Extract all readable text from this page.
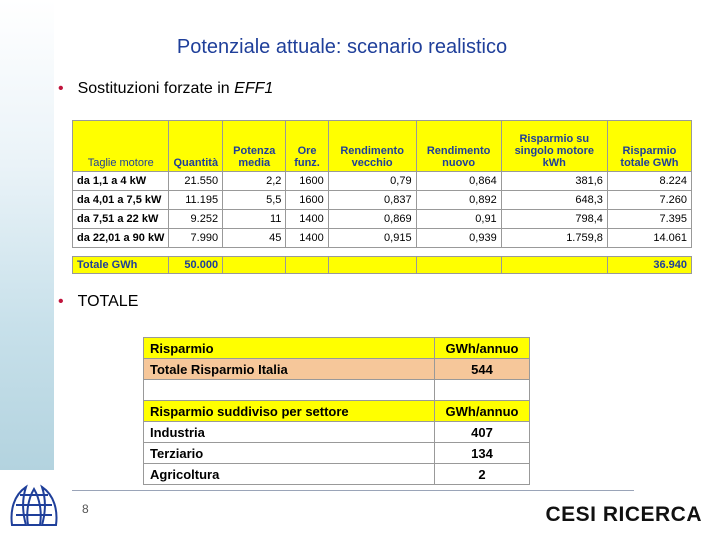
Potenziale attuale: scenario realistico
• Sostituzioni forzate in EFF1
Taglie motore	Quantità	Potenza media	Ore funz.	Rendimento vecchio	Rendimento nuovo	Risparmio su singolo motore kWh	Risparmio totale GWh
da 1,1 a 4 kW	21.550	2,2	1600	0,79	0,864	381,6	8.224
da 4,01 a 7,5 kW	11.195	5,5	1600	0,837	0,892	648,3	7.260
da 7,51 a 22 kW	9.252	11	1400	0,869	0,91	798,4	7.395
da 22,01 a 90 kW	7.990	45	1400	0,915	0,939	1.759,8	14.061

Totale GWh	50.000						36.940
• TOTALE
Risparmio	GWh/annuo
Totale Risparmio Italia	544

Risparmio suddiviso per settore	GWh/annuo
Industria	407
Terziario	134
Agricoltura	2
8	CESI RICERCA
